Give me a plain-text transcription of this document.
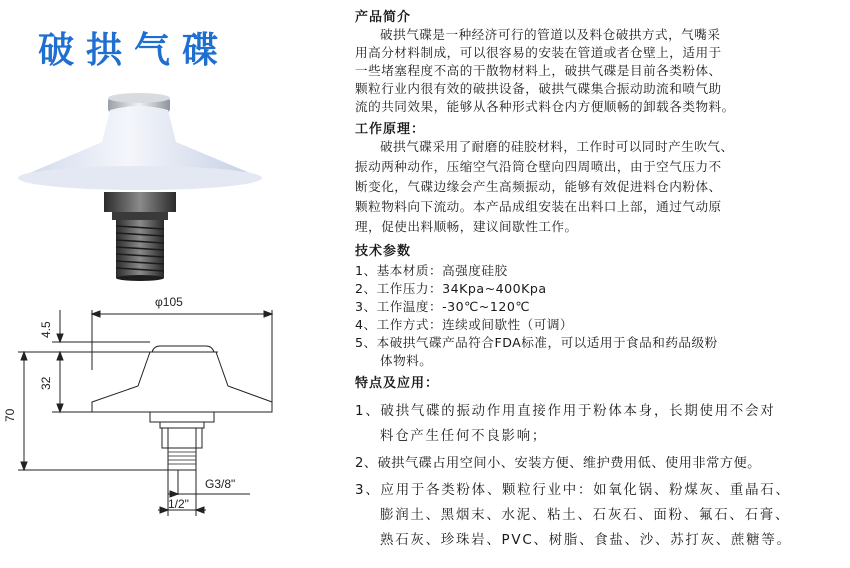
破拱气碟
φ105
4.5
32
70
G3/8"
1/2"
产品简介
破拱气碟是一种经济可行的管道以及料仓破拱方式，气嘴采
用高分材料制成，可以很容易的安装在管道或者仓壁上，适用于
一些堵塞程度不高的干散物材料上，破拱气碟是目前各类粉体、
颗粒行业内很有效的破拱设备，破拱气碟集合振动助流和喷气助
流的共同效果，能够从各种形式料仓内方便顺畅的卸载各类物料。
工作原理：
破拱气碟采用了耐磨的硅胶材料，工作时可以同时产生吹气、
振动两种动作，压缩空气沿筒仓壁向四周喷出，由于空气压力不
断变化，气碟边缘会产生高频振动，能够有效促进料仓内粉体、
颗粒物料向下流动。本产品成组安装在出料口上部，通过气动原
理，促使出料顺畅，建议间歇性工作。
技术参数
1、基本材质：高强度硅胶
2、工作压力：34Kpa~400Kpa
3、工作温度：-30℃~120℃
4、工作方式：连续或间歇性（可调）
5、本破拱气碟产品符合FDA标准，可以适用于食品和药品级粉
体物料。
特点及应用：
1、破拱气碟的振动作用直接作用于粉体本身，长期使用不会对
料仓产生任何不良影响；
2、破拱气碟占用空间小、安装方便、维护费用低、使用非常方便。
3、应用于各类粉体、颗粒行业中：如氧化锅、粉煤灰、重晶石、
膨润土、黑烟末、水泥、粘土、石灰石、面粉、氟石、石膏、
熟石灰、珍珠岩、PVC、树脂、食盐、沙、苏打灰、蔗糖等。
